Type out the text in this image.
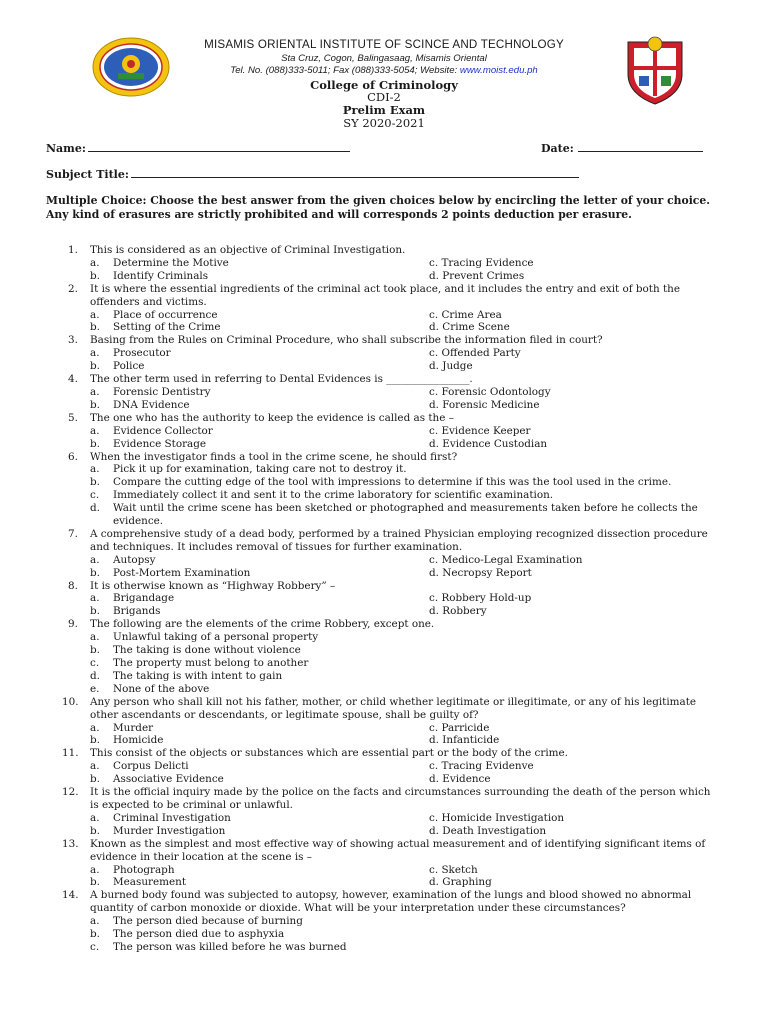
MISAMIS ORIENTAL INSTITUTE OF SCINCE AND TECHNOLOGY
Sta Cruz, Cogon, Balingasaag, Misamis Oriental
Tel. No. (088)333-5011; Fax (088)333-5054; Website: www.moist.edu.ph
College of Criminology
CDI-2
Prelim Exam
SY 2020-2021
Name:	Date:
Subject Title:
Multiple Choice: Choose the best answer from the given choices below by encircling the letter of your choice. Any kind of erasures are strictly prohibited and will corresponds 2 points deduction per erasure.
1. This is considered as an objective of Criminal Investigation.
a. Determine the Motive	c. Tracing Evidence
b. Identify Criminals	d. Prevent Crimes
2. It is where the essential ingredients of the criminal act took place, and it includes the entry and exit of both the offenders and victims.
a. Place of occurrence	c. Crime Area
b. Setting of the Crime	d. Crime Scene
3. Basing from the Rules on Criminal Procedure, who shall subscribe the information filed in court?
a. Prosecutor	c. Offended Party
b. Police	d. Judge
4. The other term used in referring to Dental Evidences is ________________.
a. Forensic Dentistry	c. Forensic Odontology
b. DNA Evidence	d. Forensic Medicine
5. The one who has the authority to keep the evidence is called as the –
a. Evidence Collector	c. Evidence Keeper
b. Evidence Storage	d. Evidence Custodian
6. When the investigator finds a tool in the crime scene, he should first?
a. Pick it up for examination, taking care not to destroy it.
b. Compare the cutting edge of the tool with impressions to determine if this was the tool used in the crime.
c. Immediately collect it and sent it to the crime laboratory for scientific examination.
d. Wait until the crime scene has been sketched or photographed and measurements taken before he collects the evidence.
7. A comprehensive study of a dead body, performed by a trained Physician employing recognized dissection procedure and techniques. It includes removal of tissues for further examination.
a. Autopsy	c. Medico-Legal Examination
b. Post-Mortem Examination	d. Necropsy Report
8. It is otherwise known as “Highway Robbery” –
a. Brigandage	c. Robbery Hold-up
b. Brigands	d. Robbery
9. The following are the elements of the crime Robbery, except one.
a. Unlawful taking of a personal property
b. The taking is done without violence
c. The property must belong to another
d. The taking is with intent to gain
e. None of the above
10. Any person who shall kill not his father, mother, or child whether legitimate or illegitimate, or any of his legitimate other ascendants or descendants, or legitimate spouse, shall be guilty of?
a. Murder	c. Parricide
b. Homicide	d. Infanticide
11. This consist of the objects or substances which are essential part or the body of the crime.
a. Corpus Delicti	c. Tracing Evidenve
b. Associative Evidence	d. Evidence
12. It is the official inquiry made by the police on the facts and circumstances surrounding the death of the person which is expected to be criminal or unlawful.
a. Criminal Investigation	c. Homicide Investigation
b. Murder Investigation	d. Death Investigation
13. Known as the simplest and most effective way of showing actual measurement and of identifying significant items of evidence in their location at the scene is –
a. Photograph	c. Sketch
b. Measurement	d. Graphing
14. A burned body found was subjected to autopsy, however, examination of the lungs and blood showed no abnormal quantity of carbon monoxide or dioxide. What will be your interpretation under these circumstances?
a. The person died because of burning
b. The person died due to asphyxia
c. The person was killed before he was burned
